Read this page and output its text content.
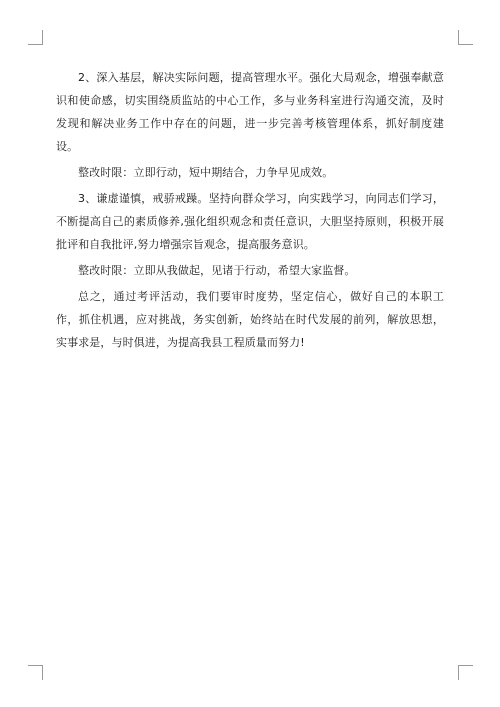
2、深入基层，解决实际问题，提高管理水平。强化大局观念，增强奉献意识和使命感，切实围绕质监站的中心工作，多与业务科室进行沟通交流，及时发现和解决业务工作中存在的问题，进一步完善考核管理体系，抓好制度建设。

整改时限：立即行动，短中期结合，力争早见成效。

3、谦虚谨慎，戒骄戒躁。坚持向群众学习，向实践学习，向同志们学习，不断提高自己的素质修养,强化组织观念和责任意识，大胆坚持原则，积极开展批评和自我批评,努力增强宗旨观念，提高服务意识。

整改时限：立即从我做起，见诸于行动，希望大家监督。

总之，通过考评活动，我们要审时度势，坚定信心，做好自己的本职工作，抓住机遇，应对挑战，务实创新，始终站在时代发展的前列，解放思想，实事求是，与时俱进，为提高我县工程质量而努力!
